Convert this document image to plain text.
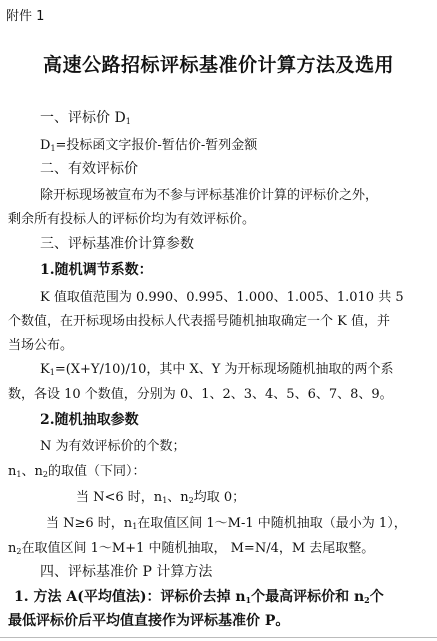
附件 1
高速公路招标评标基准价计算方法及选用
一、评标价 $D_1$
$D_1=$投标函文字报价-暂估价-暂列金额
二、有效评标价
除开标现场被宣布为不参与评标基准价计算的评标价之外，
剩余所有投标人的评标价均为有效评标价。
三、评标基准价计算参数
1.随机调节系数：
K 值取值范围为 0.990、0.995、1.000、1.005、1.010 共 5
个数值，在开标现场由投标人代表摇号随机抽取确定一个 K 值，并
当场公布。
$K_1=(X+Y/10)/10$，其中 X、Y 为开标现场随机抽取的两个系
数，各设 10 个数值，分别为 0、1、2、3、4、5、6、7、8、9。
2.随机抽取参数
N 为有效评标价的个数；
$n_1$、$n_2$的取值（下同）：
当 N<6 时，$n_1$、$n_2$均取 0；
当 N≥6 时，$n_1$在取值区间 1～M-1 中随机抽取（最小为 1），
$n_2$在取值区间 1～M+1 中随机抽取， M=N/4，M 去尾取整。
四、评标基准价 P 计算方法
1. 方法 A(平均值法)：评标价去掉 $n_1$个最高评标价和 $n_2$个
最低评标价后平均值直接作为评标基准价 P。
